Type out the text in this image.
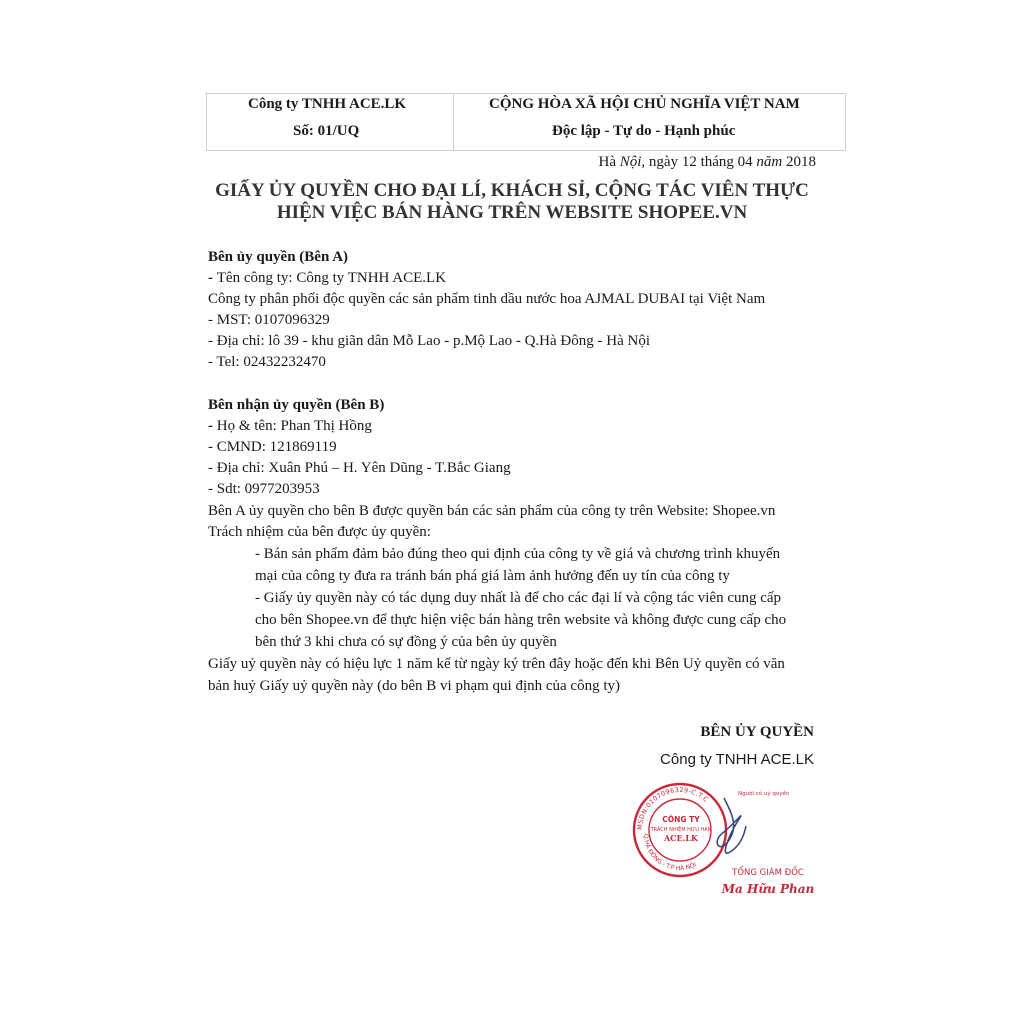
Công ty TNHH ACE.LK
Số: 01/UQ
CỘNG HÒA XÃ HỘI CHỦ NGHĨA VIỆT NAM
Độc lập - Tự do - Hạnh phúc
Hà Nội, ngày 12 tháng 04 năm 2018
GIẤY ỦY QUYỀN CHO ĐẠI LÍ, KHÁCH SỈ, CỘNG TÁC VIÊN THỰC
HIỆN VIỆC BÁN HÀNG TRÊN WEBSITE SHOPEE.VN
Bên ủy quyền (Bên A)
- Tên công ty: Công ty TNHH ACE.LK
Công ty phân phối độc quyền các sản phẩm tinh dầu nước hoa AJMAL DUBAI tại Việt Nam
- MST: 0107096329
- Địa chỉ: lô 39 - khu giãn dân Mỗ Lao - p.Mộ Lao - Q.Hà Đông - Hà Nội
- Tel: 02432232470
Bên nhận ủy quyền (Bên B)
- Họ & tên: Phan Thị Hồng
- CMND: 121869119
- Địa chỉ: Xuân Phú – H. Yên Dũng - T.Bắc Giang
- Sdt: 0977203953
Bên A ủy quyền cho bên B được quyền bán các sản phẩm của công ty trên Website: Shopee.vn
Trách nhiệm của bên được ủy quyền:
- Bán sản phẩm đảm bảo đúng theo qui định của công ty về giá và chương trình khuyến
mại của công ty đưa ra tránh bán phá giá làm ảnh hưởng đến uy tín của công ty
- Giấy ủy quyền này có tác dụng duy nhất là để cho các đại lí và cộng tác viên cung cấp
cho bên Shopee.vn để thực hiện việc bán hàng trên website và không được cung cấp cho
bên thứ 3 khi chưa có sự đồng ý của bên ủy quyền
Giấy uỷ quyền này có hiệu lực 1 năm kể từ ngày ký trên đây hoặc đến khi Bên Uỷ quyền có văn
bản huỷ Giấy uỷ quyền này (do bên B vi phạm qui định của công ty)
BÊN ỦY QUYỀN
Công ty TNHH ACE.LK
MSDN:0107096329-C.T.C
Q.HÀ ĐÔNG - T.P HÀ NỘI
CÔNG TY
TRÁCH NHIỆM HỮU HẠN
ACE.LK
Người có uỷ quyền
TỔNG GIÁM ĐỐC
Ma Hữu Phan
